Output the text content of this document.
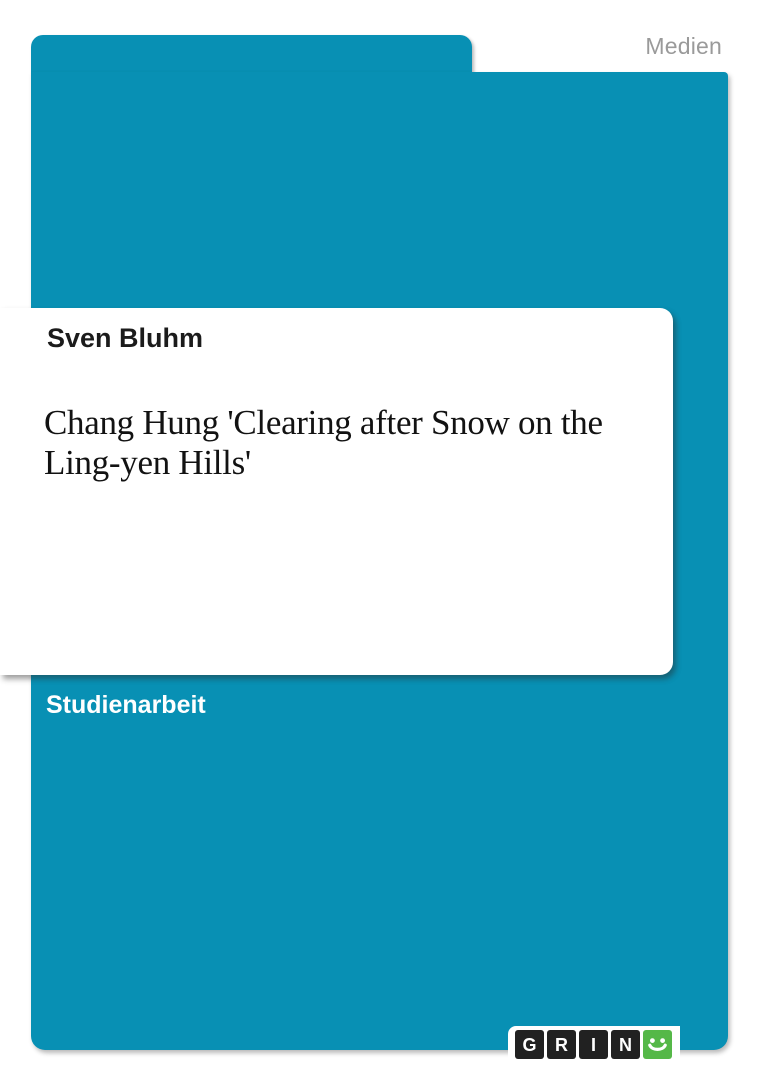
Medien
Sven Bluhm
Chang Hung 'Clearing after Snow on the
Ling-yen Hills'
Studienarbeit
G	R	I	N
